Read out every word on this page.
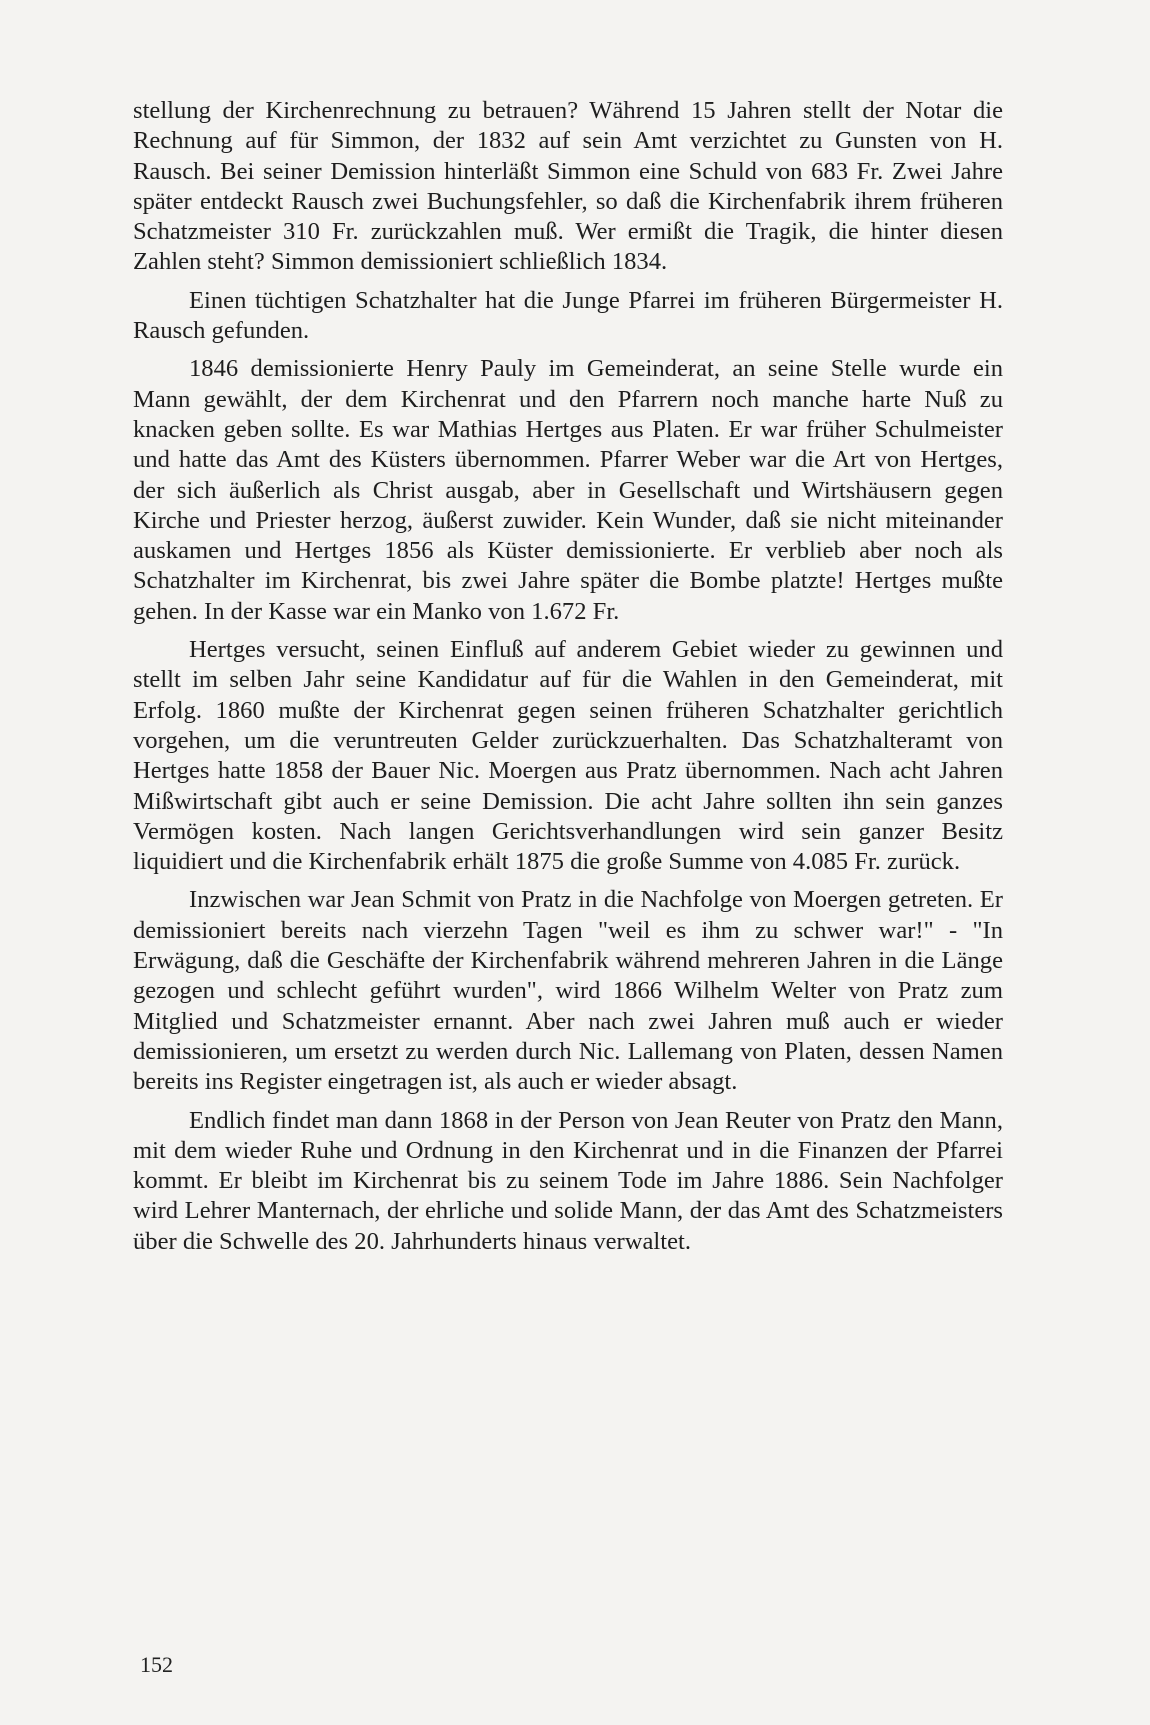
stellung der Kirchenrechnung zu betrauen? Während 15 Jahren stellt der Notar die Rechnung auf für Simmon, der 1832 auf sein Amt verzichtet zu Gunsten von H. Rausch. Bei seiner Demission hinterläßt Simmon eine Schuld von 683 Fr. Zwei Jahre später entdeckt Rausch zwei Buchungsfehler, so daß die Kirchenfabrik ihrem früheren Schatzmeister 310 Fr. zurückzahlen muß. Wer ermißt die Tragik, die hinter diesen Zahlen steht? Simmon demissioniert schließlich 1834.

Einen tüchtigen Schatzhalter hat die Junge Pfarrei im früheren Bürgermeister H. Rausch gefunden.

1846 demissionierte Henry Pauly im Gemeinderat, an seine Stelle wurde ein Mann gewählt, der dem Kirchenrat und den Pfarrern noch manche harte Nuß zu knacken geben sollte. Es war Mathias Hertges aus Platen. Er war früher Schulmeister und hatte das Amt des Küsters übernommen. Pfarrer Weber war die Art von Hertges, der sich äußerlich als Christ ausgab, aber in Gesellschaft und Wirtshäusern gegen Kirche und Priester herzog, äußerst zuwider. Kein Wunder, daß sie nicht miteinander auskamen und Hertges 1856 als Küster demissionierte. Er verblieb aber noch als Schatzhalter im Kirchenrat, bis zwei Jahre später die Bombe platzte! Hertges mußte gehen. In der Kasse war ein Manko von 1.672 Fr.

Hertges versucht, seinen Einfluß auf anderem Gebiet wieder zu gewinnen und stellt im selben Jahr seine Kandidatur auf für die Wahlen in den Gemeinderat, mit Erfolg. 1860 mußte der Kirchenrat gegen seinen früheren Schatzhalter gerichtlich vorgehen, um die veruntreuten Gelder zurückzuerhalten. Das Schatzhalteramt von Hertges hatte 1858 der Bauer Nic. Moergen aus Pratz übernommen. Nach acht Jahren Mißwirtschaft gibt auch er seine Demission. Die acht Jahre sollten ihn sein ganzes Vermögen kosten. Nach langen Gerichtsverhandlungen wird sein ganzer Besitz liquidiert und die Kirchenfabrik erhält 1875 die große Summe von 4.085 Fr. zurück.

Inzwischen war Jean Schmit von Pratz in die Nachfolge von Moergen getreten. Er demissioniert bereits nach vierzehn Tagen "weil es ihm zu schwer war!" - "In Erwägung, daß die Geschäfte der Kirchenfabrik während mehreren Jahren in die Länge gezogen und schlecht geführt wurden", wird 1866 Wilhelm Welter von Pratz zum Mitglied und Schatzmeister ernannt. Aber nach zwei Jahren muß auch er wieder demissionieren, um ersetzt zu werden durch Nic. Lallemang von Platen, dessen Namen bereits ins Register eingetragen ist, als auch er wieder absagt.

Endlich findet man dann 1868 in der Person von Jean Reuter von Pratz den Mann, mit dem wieder Ruhe und Ordnung in den Kirchenrat und in die Finanzen der Pfarrei kommt. Er bleibt im Kirchenrat bis zu seinem Tode im Jahre 1886. Sein Nachfolger wird Lehrer Manternach, der ehrliche und solide Mann, der das Amt des Schatzmeisters über die Schwelle des 20. Jahrhunderts hinaus verwaltet.

152
